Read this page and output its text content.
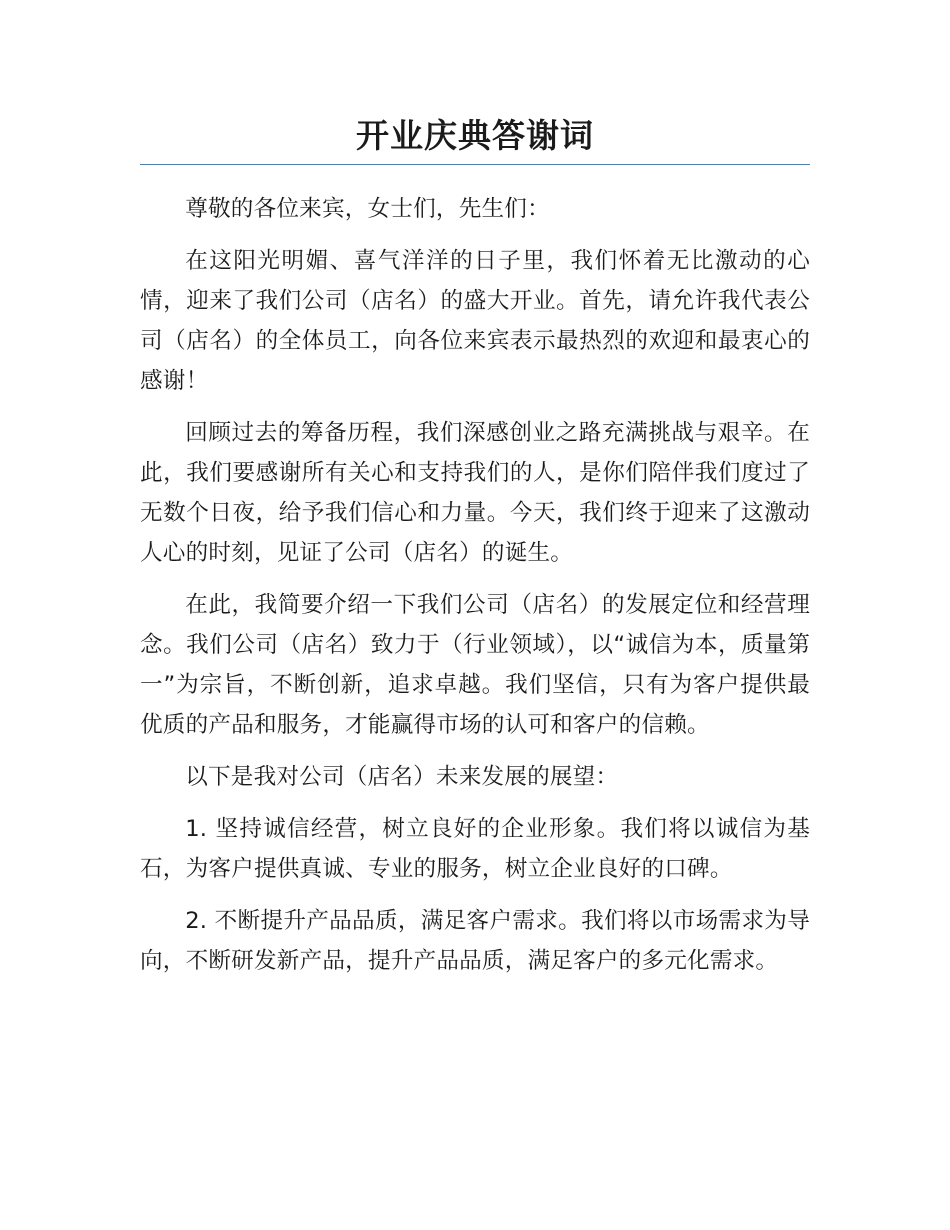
开业庆典答谢词

尊敬的各位来宾，女士们，先生们：

在这阳光明媚、喜气洋洋的日子里，我们怀着无比激动的心情，迎来了我们公司（店名）的盛大开业。首先，请允许我代表公司（店名）的全体员工，向各位来宾表示最热烈的欢迎和最衷心的感谢！

回顾过去的筹备历程，我们深感创业之路充满挑战与艰辛。在此，我们要感谢所有关心和支持我们的人，是你们陪伴我们度过了无数个日夜，给予我们信心和力量。今天，我们终于迎来了这激动人心的时刻，见证了公司（店名）的诞生。

在此，我简要介绍一下我们公司（店名）的发展定位和经营理念。我们公司（店名）致力于（行业领域），以“诚信为本，质量第一”为宗旨，不断创新，追求卓越。我们坚信，只有为客户提供最优质的产品和服务，才能赢得市场的认可和客户的信赖。

以下是我对公司（店名）未来发展的展望：

1. 坚持诚信经营，树立良好的企业形象。我们将以诚信为基石，为客户提供真诚、专业的服务，树立企业良好的口碑。

2. 不断提升产品品质，满足客户需求。我们将以市场需求为导向，不断研发新产品，提升产品品质，满足客户的多元化需求。
